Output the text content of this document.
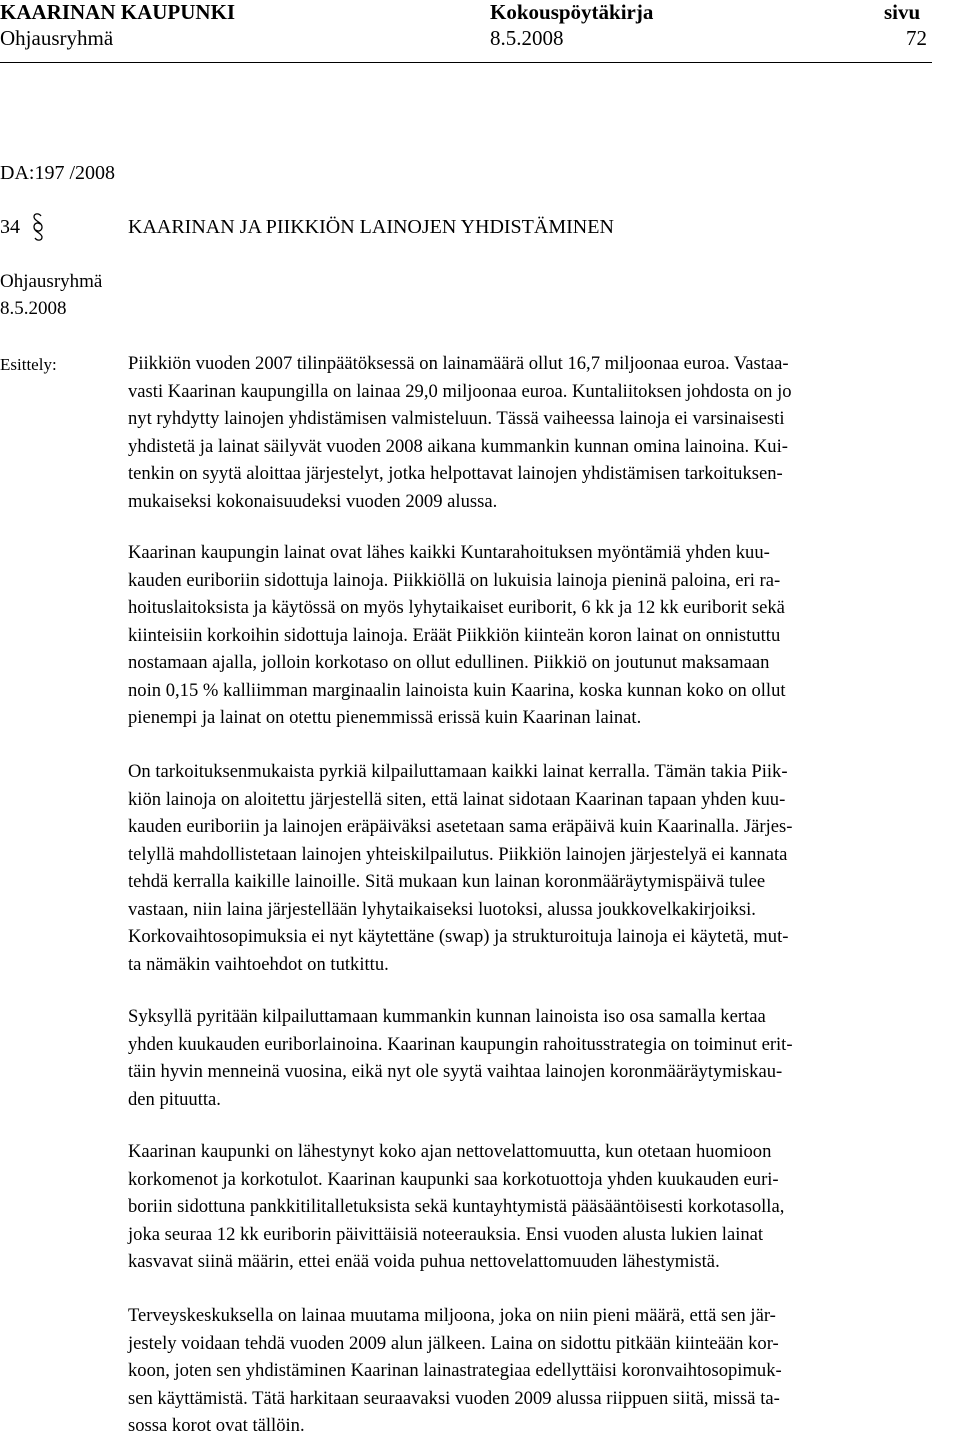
KAARINAN KAUPUNKI	Kokouspöytäkirja	sivu
Ohjausryhmä	8.5.2008	72
DA:197 /2008
34	KAARINAN JA PIIKKIÖN LAINOJEN YHDISTÄMINEN
Ohjausryhmä
8.5.2008
Esittely:	Piikkiön vuoden 2007 tilinpäätöksessä on lainamäärä ollut 16,7 miljoonaa euroa. Vastaa-
vasti Kaarinan kaupungilla on lainaa 29,0 miljoonaa euroa. Kuntaliitoksen johdosta on jo
nyt ryhdytty lainojen yhdistämisen valmisteluun. Tässä vaiheessa lainoja ei varsinaisesti
yhdistetä ja lainat säilyvät vuoden 2008 aikana kummankin kunnan omina lainoina. Kui-
tenkin on syytä aloittaa järjestelyt, jotka helpottavat lainojen yhdistämisen tarkoituksen-
mukaiseksi kokonaisuudeksi vuoden 2009 alussa.
Kaarinan kaupungin lainat ovat lähes kaikki Kuntarahoituksen myöntämiä yhden kuu-
kauden euriboriin sidottuja lainoja. Piikkiöllä on lukuisia lainoja pieninä paloina, eri ra-
hoituslaitoksista ja käytössä on myös lyhytaikaiset euriborit, 6 kk ja 12 kk euriborit sekä
kiinteisiin korkoihin sidottuja lainoja. Eräät Piikkiön kiinteän koron lainat on onnistuttu
nostamaan ajalla, jolloin korkotaso on ollut edullinen. Piikkiö on joutunut maksamaan
noin 0,15 % kalliimman marginaalin lainoista kuin Kaarina, koska kunnan koko on ollut
pienempi ja lainat on otettu pienemmissä erissä kuin Kaarinan lainat.
On tarkoituksenmukaista pyrkiä kilpailuttamaan kaikki lainat kerralla. Tämän takia Piik-
kiön lainoja on aloitettu järjestellä siten, että lainat sidotaan Kaarinan tapaan yhden kuu-
kauden euriboriin ja lainojen eräpäiväksi asetetaan sama eräpäivä kuin Kaarinalla. Järjes-
telyllä mahdollistetaan lainojen yhteiskilpailutus. Piikkiön lainojen järjestelyä ei kannata
tehdä kerralla kaikille lainoille. Sitä mukaan kun lainan koronmääräytymispäivä tulee
vastaan, niin laina järjestellään lyhytaikaiseksi luotoksi, alussa joukkovelkakirjoiksi.
Korkovaihtosopimuksia ei nyt käytettäne (swap) ja strukturoituja lainoja ei käytetä, mut-
ta nämäkin vaihtoehdot on tutkittu.
Syksyllä pyritään kilpailuttamaan kummankin kunnan lainoista iso osa samalla kertaa
yhden kuukauden euriborlainoina. Kaarinan kaupungin rahoitusstrategia on toiminut erit-
täin hyvin menneinä vuosina, eikä nyt ole syytä vaihtaa lainojen koronmääräytymiskau-
den pituutta.
Kaarinan kaupunki on lähestynyt koko ajan nettovelattomuutta, kun otetaan huomioon
korkomenot ja korkotulot. Kaarinan kaupunki saa korkotuottoja yhden kuukauden euri-
boriin sidottuna pankkitilitalletuksista sekä kuntayhtymistä pääsääntöisesti korkotasolla,
joka seuraa 12 kk euriborin päivittäisiä noteerauksia. Ensi vuoden alusta lukien lainat
kasvavat siinä määrin, ettei enää voida puhua nettovelattomuuden lähestymistä.
Terveyskeskuksella on lainaa muutama miljoona, joka on niin pieni määrä, että sen jär-
jestely voidaan tehdä vuoden 2009 alun jälkeen. Laina on sidottu pitkään kiinteään kor-
koon, joten sen yhdistäminen Kaarinan lainastrategiaa edellyttäisi koronvaihtosopimuk-
sen käyttämistä. Tätä harkitaan seuraavaksi vuoden 2009 alussa riippuen siitä, missä ta-
sossa korot ovat tällöin.
